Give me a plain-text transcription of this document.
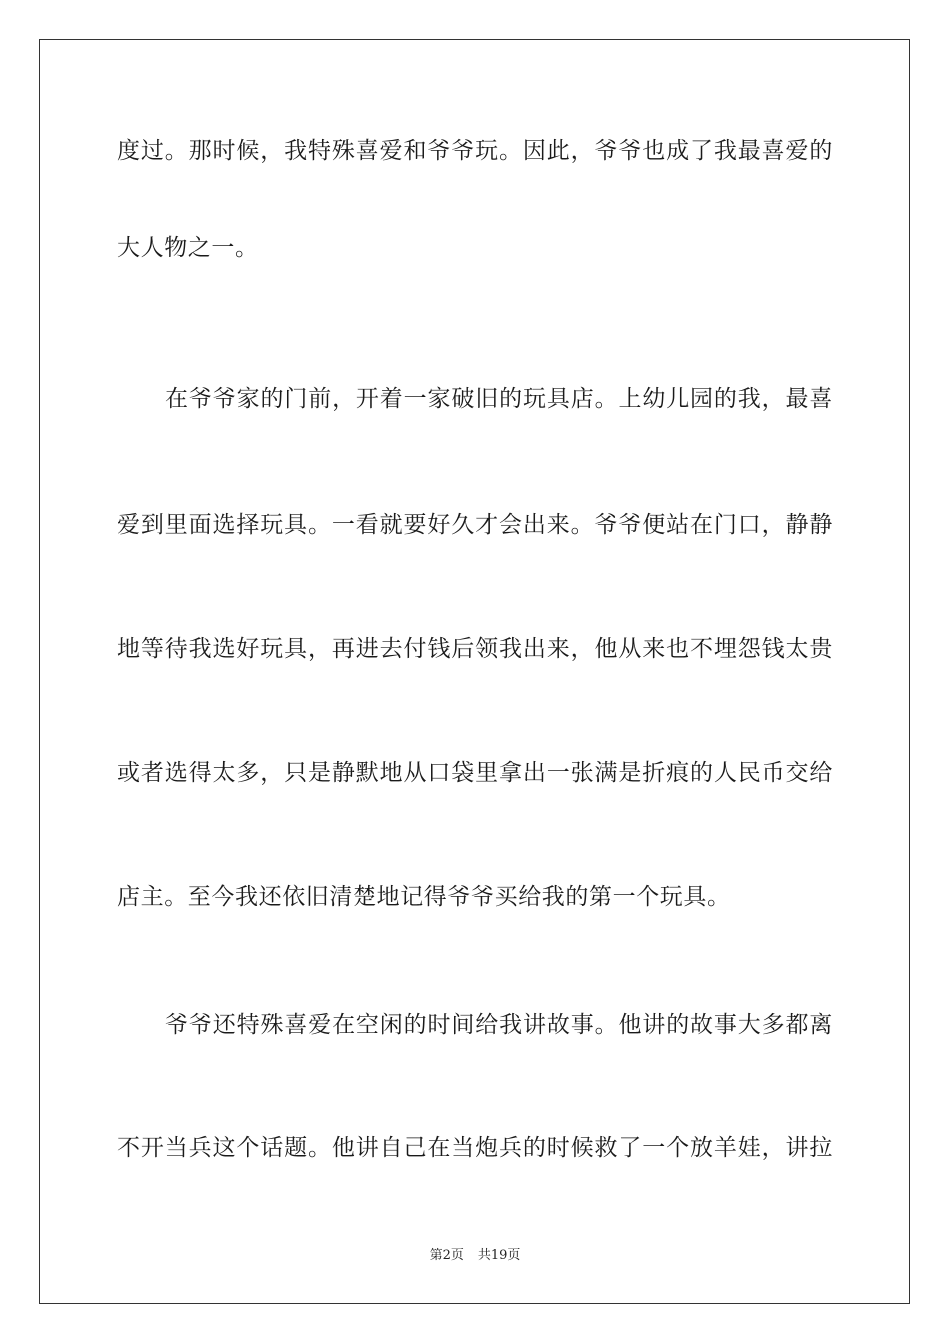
度过。那时候，我特殊喜爱和爷爷玩。因此，爷爷也成了我最喜爱的
大人物之一。
在爷爷家的门前，开着一家破旧的玩具店。上幼儿园的我，最喜
爱到里面选择玩具。一看就要好久才会出来。爷爷便站在门口，静静
地等待我选好玩具，再进去付钱后领我出来，他从来也不埋怨钱太贵
或者选得太多，只是静默地从口袋里拿出一张满是折痕的人民币交给
店主。至今我还依旧清楚地记得爷爷买给我的第一个玩具。
爷爷还特殊喜爱在空闲的时间给我讲故事。他讲的故事大多都离
不开当兵这个话题。他讲自己在当炮兵的时候救了一个放羊娃，讲拉
第2页 共19页
